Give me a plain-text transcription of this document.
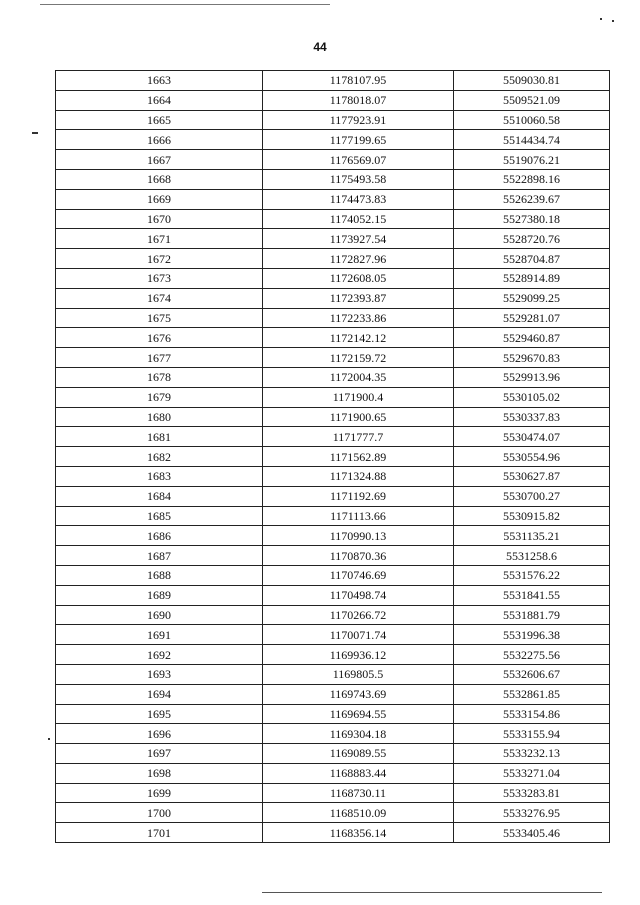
44
1663	1178107.95	5509030.81
1664	1178018.07	5509521.09
1665	1177923.91	5510060.58
1666	1177199.65	5514434.74
1667	1176569.07	5519076.21
1668	1175493.58	5522898.16
1669	1174473.83	5526239.67
1670	1174052.15	5527380.18
1671	1173927.54	5528720.76
1672	1172827.96	5528704.87
1673	1172608.05	5528914.89
1674	1172393.87	5529099.25
1675	1172233.86	5529281.07
1676	1172142.12	5529460.87
1677	1172159.72	5529670.83
1678	1172004.35	5529913.96
1679	1171900.4	5530105.02
1680	1171900.65	5530337.83
1681	1171777.7	5530474.07
1682	1171562.89	5530554.96
1683	1171324.88	5530627.87
1684	1171192.69	5530700.27
1685	1171113.66	5530915.82
1686	1170990.13	5531135.21
1687	1170870.36	5531258.6
1688	1170746.69	5531576.22
1689	1170498.74	5531841.55
1690	1170266.72	5531881.79
1691	1170071.74	5531996.38
1692	1169936.12	5532275.56
1693	1169805.5	5532606.67
1694	1169743.69	5532861.85
1695	1169694.55	5533154.86
1696	1169304.18	5533155.94
1697	1169089.55	5533232.13
1698	1168883.44	5533271.04
1699	1168730.11	5533283.81
1700	1168510.09	5533276.95
1701	1168356.14	5533405.46
